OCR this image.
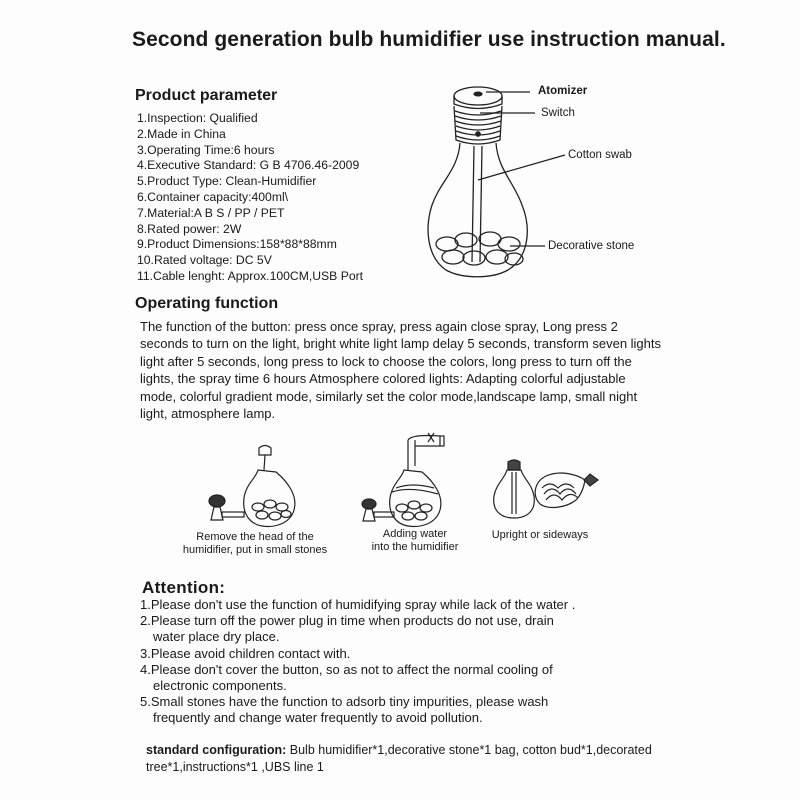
Second generation bulb humidifier use instruction manual.
Product parameter
1.Inspection: Qualified
2.Made in China
3.Operating Time:6 hours
4.Executive Standard: G B 4706.46-2009
5.Product Type: Clean-Humidifier
6.Container capacity:400ml\
7.Material:A B S / PP / PET
8.Rated power: 2W
9.Product Dimensions:158*88*88mm
10.Rated voltage: DC 5V
11.Cable lenght: Approx.100CM,USB Port
Atomizer
Switch
Cotton swab
Decorative stone
Operating function
The function of the button: press once spray, press again close spray, Long press 2 seconds to turn on the light, bright white light lamp delay 5 seconds, transform seven lights light after 5 seconds, long press to lock to choose the colors, long press to turn off the lights, the spray time 6 hours Atmosphere colored lights: Adapting colorful adjustable mode, colorful gradient mode, similarly set the color mode,landscape lamp, small night light, atmosphere lamp.
Remove the head of the
humidifier, put in small stones
Adding water
into the humidifier
Upright or sideways
Attention:
1.Please don't use the function of humidifying spray while lack of the water .
2.Please turn off the power plug in time when products do not use, drain
water place dry place.
3.Please avoid children contact with.
4.Please don't cover the button, so as not to affect the normal cooling of
electronic components.
5.Small stones have the function to adsorb tiny impurities, please wash
frequently and change water frequently to avoid pollution.
standard configuration: Bulb humidifier*1,decorative stone*1 bag, cotton bud*1,decorated tree*1,instructions*1 ,UBS line 1
